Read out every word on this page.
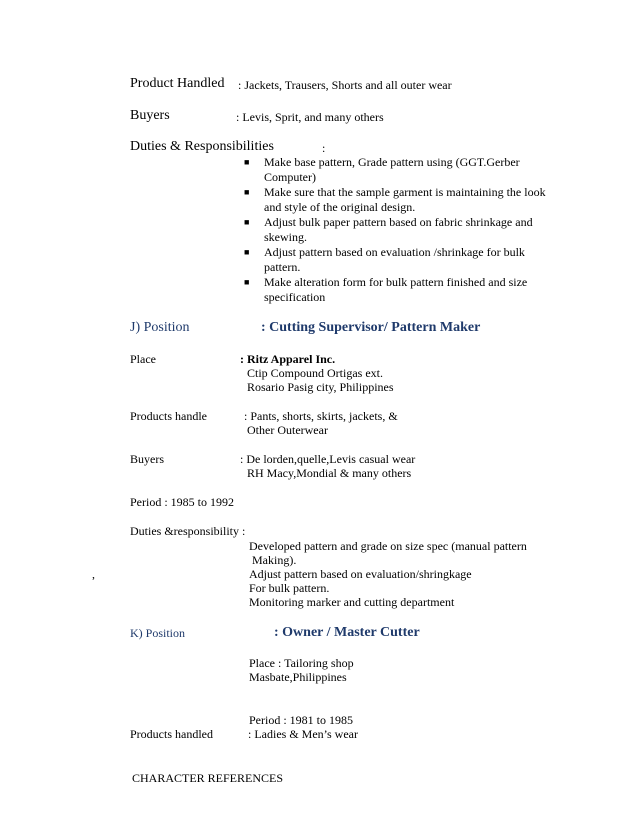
Product Handled : Jackets, Trausers, Shorts and all outer wear
Buyers	: Levis, Sprit, and many others
Duties & Responsibilities	:
■ Make base pattern, Grade pattern using (GGT.Gerber Computer)
■ Make sure that the sample garment is maintaining the look and style of the original design.
■ Adjust bulk paper pattern based on fabric shrinkage and skewing.
■ Adjust pattern based on evaluation /shrinkage for bulk pattern.
■ Make alteration form for bulk pattern finished and size specification
J) Position	: Cutting Supervisor/ Pattern Maker
Place	: Ritz Apparel Inc.
Ctip Compound Ortigas ext.
Rosario Pasig city, Philippines
Products handle	: Pants, shorts, skirts, jackets, &
Other Outerwear
Buyers	: De lorden,quelle,Levis casual wear
RH Macy,Mondial & many others
Period : 1985 to 1992
Duties &responsibility :
Developed pattern and grade on size spec (manual pattern
Making).
Adjust pattern based on evaluation/shringkage
For bulk pattern.
Monitoring marker and cutting department
,
K) Position	: Owner / Master Cutter
Place : Tailoring shop
Masbate,Philippines
Period : 1981 to 1985
Products handled	: Ladies & Men’s wear
CHARACTER REFERENCES
